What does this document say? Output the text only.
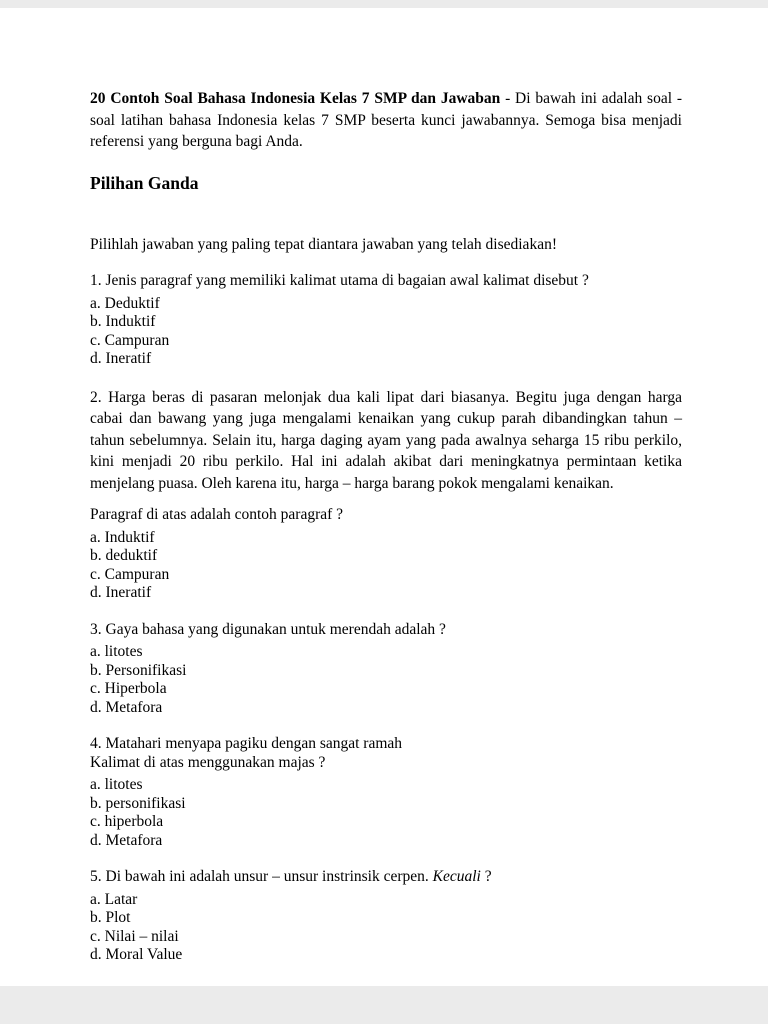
20 Contoh Soal Bahasa Indonesia Kelas 7 SMP dan Jawaban - Di bawah ini adalah soal - soal latihan bahasa Indonesia kelas 7 SMP beserta kunci jawabannya. Semoga bisa menjadi referensi yang berguna bagi Anda.

Pilihan Ganda

Pilihlah jawaban yang paling tepat diantara jawaban yang telah disediakan!

1. Jenis paragraf yang memiliki kalimat utama di bagaian awal kalimat disebut ?

a. Deduktif

b. Induktif

c. Campuran

d. Ineratif

2. Harga beras di pasaran melonjak dua kali lipat dari biasanya. Begitu juga dengan harga cabai dan bawang yang juga mengalami kenaikan yang cukup parah dibandingkan tahun – tahun sebelumnya. Selain itu, harga daging ayam yang pada awalnya seharga 15 ribu perkilo, kini menjadi 20 ribu perkilo. Hal ini adalah akibat dari meningkatnya permintaan ketika menjelang puasa. Oleh karena itu, harga – harga barang pokok mengalami kenaikan.

Paragraf di atas adalah contoh paragraf ?

a. Induktif

b. deduktif

c. Campuran

d. Ineratif

3. Gaya bahasa yang digunakan untuk merendah adalah ?

a. litotes

b. Personifikasi

c. Hiperbola

d. Metafora

4. Matahari menyapa pagiku dengan sangat ramah

Kalimat di atas menggunakan majas ?

a. litotes

b. personifikasi

c. hiperbola

d. Metafora

5. Di bawah ini adalah unsur – unsur instrinsik cerpen. Kecuali ?

a. Latar

b. Plot

c. Nilai – nilai

d. Moral Value
